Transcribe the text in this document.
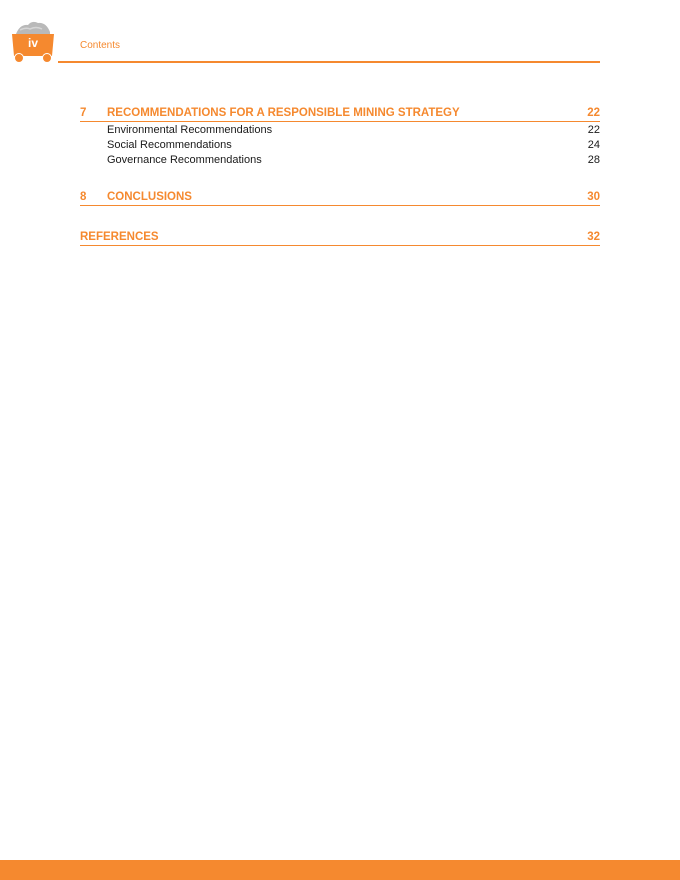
iv	Contents
7	RECOMMENDATIONS FOR A RESPONSIBLE MINING STRATEGY	22
Environmental Recommendations	22
Social Recommendations	24
Governance Recommendations	28
8	CONCLUSIONS	30
REFERENCES	32
